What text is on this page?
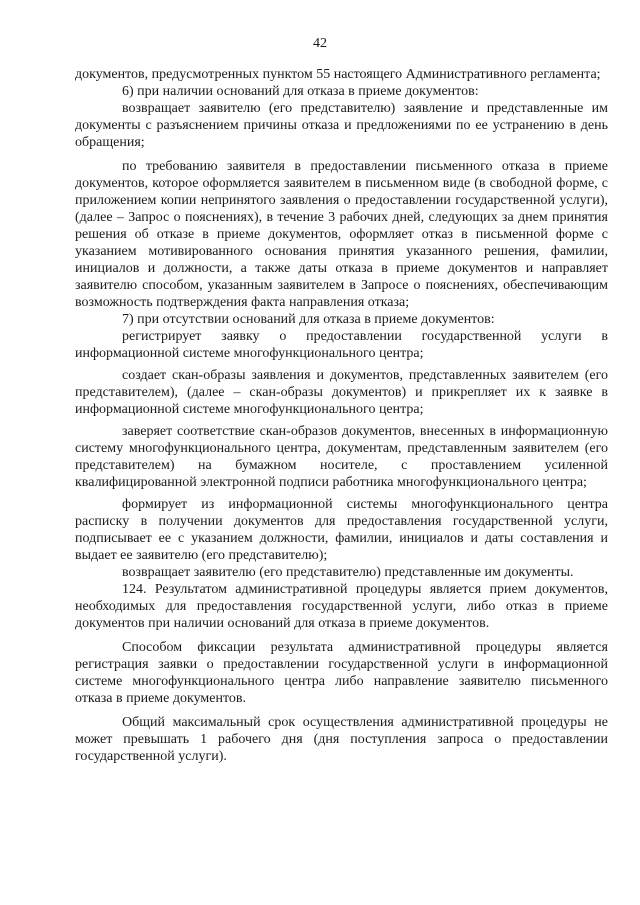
42

документов, предусмотренных пунктом 55 настоящего Административного регламента;

6) при наличии оснований для отказа в приеме документов:

возвращает заявителю (его представителю) заявление и представленные им документы с разъяснением причины отказа и предложениями по ее устранению в день обращения;

по требованию заявителя в предоставлении письменного отказа в приеме документов, которое оформляется заявителем в письменном виде (в свободной форме, с приложением копии непринятого заявления о предоставлении государственной услуги), (далее – Запрос о пояснениях), в течение 3 рабочих дней, следующих за днем принятия решения об отказе в приеме документов, оформляет отказ в письменной форме с указанием мотивированного основания принятия указанного решения, фамилии, инициалов и должности, а также даты отказа в приеме документов и направляет заявителю способом, указанным заявителем в Запросе о пояснениях, обеспечивающим возможность подтверждения факта направления отказа;

7) при отсутствии оснований для отказа в приеме документов:

регистрирует заявку о предоставлении государственной услуги в информационной системе многофункционального центра;

создает скан-образы заявления и документов, представленных заявителем (его представителем), (далее – скан-образы документов) и прикрепляет их к заявке в информационной системе многофункционального центра;

заверяет соответствие скан-образов документов, внесенных в информационную систему многофункционального центра, документам, представленным заявителем (его представителем) на бумажном носителе, с проставлением усиленной квалифицированной электронной подписи работника многофункционального центра;

формирует из информационной системы многофункционального центра расписку в получении документов для предоставления государственной услуги, подписывает ее с указанием должности, фамилии, инициалов и даты составления и выдает ее заявителю (его представителю);

возвращает заявителю (его представителю) представленные им документы.

124. Результатом административной процедуры является прием документов, необходимых для предоставления государственной услуги, либо отказ в приеме документов при наличии оснований для отказа в приеме документов.

Способом фиксации результата административной процедуры является регистрация заявки о предоставлении государственной услуги в информационной системе многофункционального центра либо направление заявителю письменного отказа в приеме документов.

Общий максимальный срок осуществления административной процедуры не может превышать 1 рабочего дня (дня поступления запроса о предоставлении государственной услуги).
